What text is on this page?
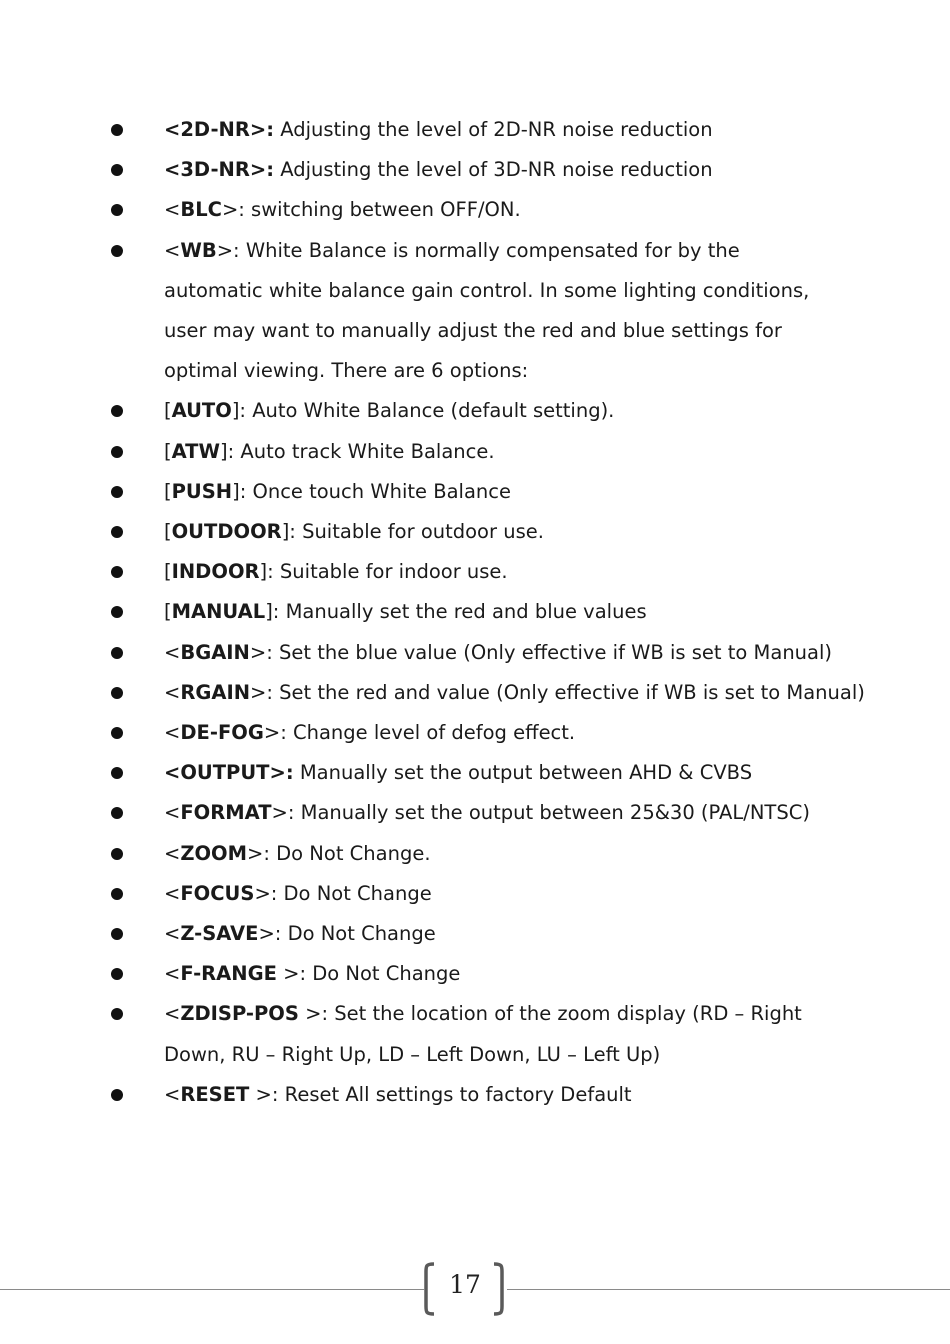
<2D-NR>: Adjusting the level of 2D-NR noise reduction
<3D-NR>: Adjusting the level of 3D-NR noise reduction
<BLC>: switching between OFF/ON.
<WB>: White Balance is normally compensated for by the automatic white balance gain control. In some lighting conditions, user may want to manually adjust the red and blue settings for optimal viewing. There are 6 options:
[AUTO]: Auto White Balance (default setting).
[ATW]: Auto track White Balance.
[PUSH]: Once touch White Balance
[OUTDOOR]: Suitable for outdoor use.
[INDOOR]: Suitable for indoor use.
[MANUAL]: Manually set the red and blue values
<BGAIN>: Set the blue value (Only effective if WB is set to Manual)
<RGAIN>: Set the red and value (Only effective if WB is set to Manual)
<DE-FOG>: Change level of defog effect.
<OUTPUT>: Manually set the output between AHD & CVBS
<FORMAT>: Manually set the output between 25&30 (PAL/NTSC)
<ZOOM>: Do Not Change.
<FOCUS>: Do Not Change
<Z-SAVE>: Do Not Change
<F-RANGE >: Do Not Change
<ZDISP-POS >: Set the location of the zoom display (RD – Right Down, RU – Right Up, LD – Left Down, LU – Left Up)
<RESET >: Reset All settings to factory Default
17
